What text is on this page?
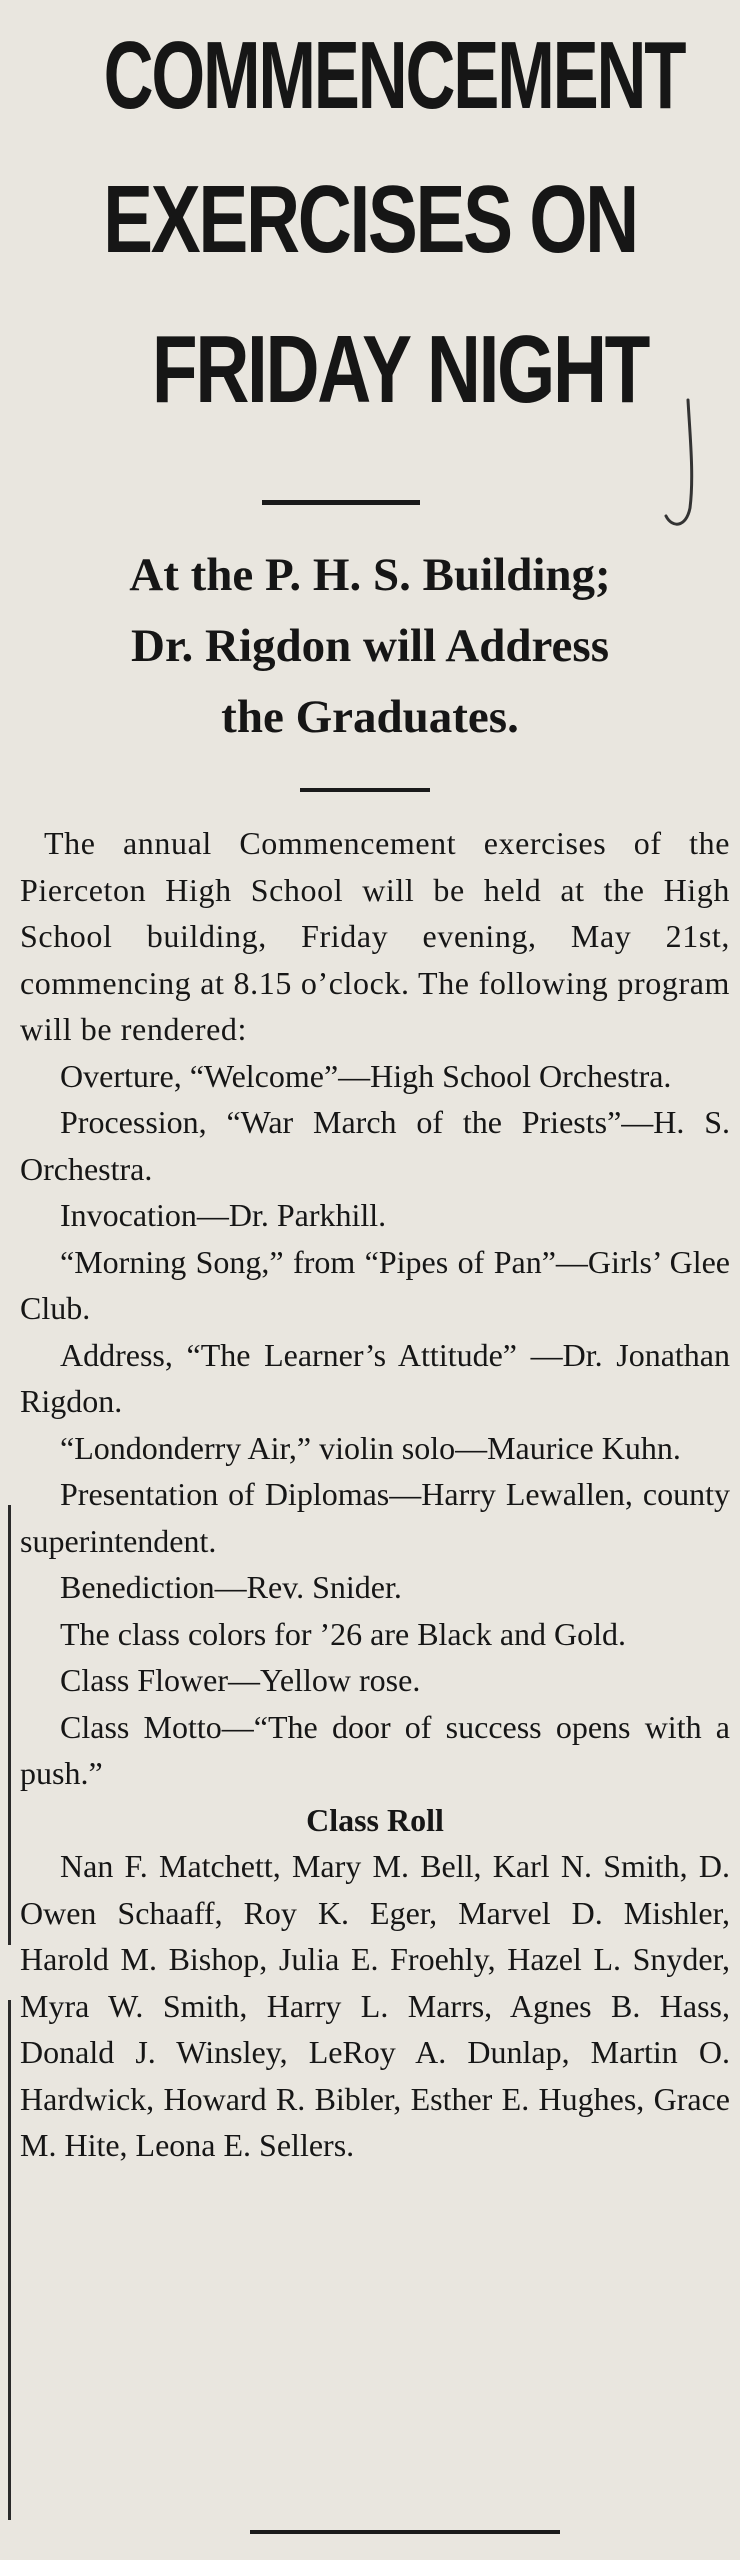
COMMENCEMENT
EXERCISES ON
FRIDAY NIGHT
At the P. H. S. Building;
Dr. Rigdon will Address
the Graduates.

The annual Commencement exercises of the Pierceton High School will be held at the High School building, Friday evening, May 21st, commencing at 8.15 o’clock. The following program will be rendered:

Overture, “Welcome”—High School Orchestra.

Procession, “War March of the Priests”—H. S. Orchestra.

Invocation—Dr. Parkhill.

“Morning Song,” from “Pipes of Pan”—Girls’ Glee Club.

Address, “The Learner’s Attitude” —Dr. Jonathan Rigdon.

“Londonderry Air,” violin solo—Maurice Kuhn.

Presentation of Diplomas—Harry Lewallen, county superintendent.

Benediction—Rev. Snider.

The class colors for ’26 are Black and Gold.

Class Flower—Yellow rose.

Class Motto—“The door of success opens with a push.”

Class Roll

Nan F. Matchett, Mary M. Bell, Karl N. Smith, D. Owen Schaaff, Roy K. Eger, Marvel D. Mishler, Harold M. Bishop, Julia E. Froehly, Hazel L. Snyder, Myra W. Smith, Harry L. Marrs, Agnes B. Hass, Donald J. Winsley, LeRoy A. Dunlap, Martin O. Hardwick, Howard R. Bibler, Esther E. Hughes, Grace M. Hite, Leona E. Sellers.
